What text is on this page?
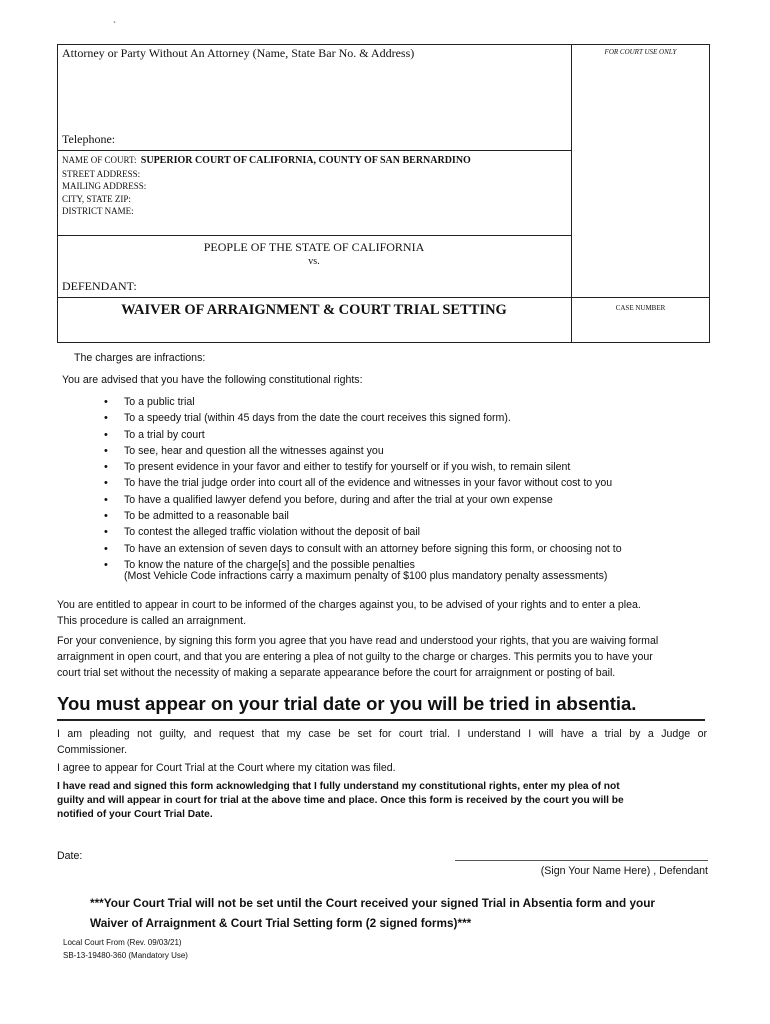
`
Attorney or Party Without An Attorney (Name, State Bar No. & Address)	FOR COURT USE ONLY
Telephone:
NAME OF COURT: SUPERIOR COURT OF CALIFORNIA, COUNTY OF SAN BERNARDINO
STREET ADDRESS:
MAILING ADDRESS:
CITY, STATE ZIP:
DISTRICT NAME:
PEOPLE OF THE STATE OF CALIFORNIA
vs.
DEFENDANT:
WAIVER OF ARRAIGNMENT & COURT TRIAL SETTING	CASE NUMBER
The charges are infractions:
You are advised that you have the following constitutional rights:
• To a public trial
• To a speedy trial (within 45 days from the date the court receives this signed form).
• To a trial by court
• To see, hear and question all the witnesses against you
• To present evidence in your favor and either to testify for yourself or if you wish, to remain silent
• To have the trial judge order into court all of the evidence and witnesses in your favor without cost to you
• To have a qualified lawyer defend you before, during and after the trial at your own expense
• To be admitted to a reasonable bail
• To contest the alleged traffic violation without the deposit of bail
• To have an extension of seven days to consult with an attorney before signing this form, or choosing not to
• To know the nature of the charge[s] and the possible penalties
(Most Vehicle Code infractions carry a maximum penalty of $100 plus mandatory penalty assessments)
You are entitled to appear in court to be informed of the charges against you, to be advised of your rights and to enter a plea.
This procedure is called an arraignment.
For your convenience, by signing this form you agree that you have read and understood your rights, that you are waiving formal
arraignment in open court, and that you are entering a plea of not guilty to the charge or charges. This permits you to have your
court trial set without the necessity of making a separate appearance before the court for arraignment or posting of bail.
You must appear on your trial date or you will be tried in absentia.
I am pleading not guilty, and request that my case be set for court trial. I understand I will have a trial by a Judge or
Commissioner.
I agree to appear for Court Trial at the Court where my citation was filed.
I have read and signed this form acknowledging that I fully understand my constitutional rights, enter my plea of not
guilty and will appear in court for trial at the above time and place. Once this form is received by the court you will be
notified of your Court Trial Date.
Date:
(Sign Your Name Here) , Defendant
***Your Court Trial will not be set until the Court received your signed Trial in Absentia form and your
Waiver of Arraignment & Court Trial Setting form (2 signed forms)***
Local Court From (Rev. 09/03/21)
SB-13-19480-360 (Mandatory Use)
